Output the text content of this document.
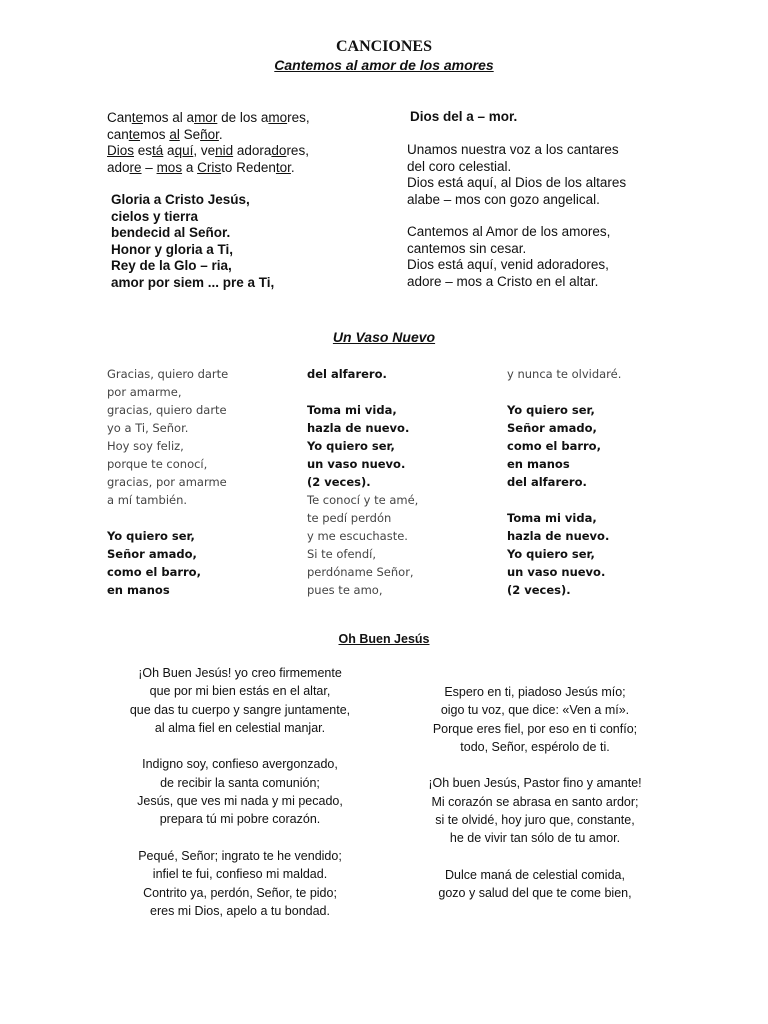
CANCIONES
Cantemos al amor de los amores
Cantemos al amor de los amores,
cantemos al Señor.
Dios está aquí, venid adoradores,
adore – mos a Cristo Redentor.
Gloria a Cristo Jesús,
cielos y tierra
bendecid al Señor.
Honor y gloria a Ti,
Rey de la Glo – ria,
amor por siem ... pre a Ti,
Dios del a – mor.
Unamos nuestra voz a los cantares
del coro celestial.
Dios está aquí, al Dios de los altares
alabe – mos con gozo angelical.
Cantemos al Amor de los amores,
cantemos sin cesar.
Dios está aquí, venid adoradores,
adore – mos a Cristo en el altar.
Un Vaso Nuevo
Gracias, quiero darte
por amarme,
gracias, quiero darte
yo a Ti, Señor.
Hoy soy feliz,
porque te conocí,
gracias, por amarme
a mí también.
Yo quiero ser,
Señor amado,
como el barro,
en manos
del alfarero.
Toma mi vida,
hazla de nuevo.
Yo quiero ser,
un vaso nuevo.
(2 veces).
Te conocí y te amé,
te pedí perdón
y me escuchaste.
Si te ofendí,
perdóname Señor,
pues te amo,
y nunca te olvidaré.
Yo quiero ser,
Señor amado,
como el barro,
en manos
del alfarero.
Toma mi vida,
hazla de nuevo.
Yo quiero ser,
un vaso nuevo.
(2 veces).
Oh Buen Jesús
¡Oh Buen Jesús! yo creo firmemente
que por mi bien estás en el altar,
que das tu cuerpo y sangre juntamente,
al alma fiel en celestial manjar.
Indigno soy, confieso avergonzado,
de recibir la santa comunión;
Jesús, que ves mi nada y mi pecado,
prepara tú mi pobre corazón.
Pequé, Señor; ingrato te he vendido;
infiel te fui, confieso mi maldad.
Contrito ya, perdón, Señor, te pido;
eres mi Dios, apelo a tu bondad.
Espero en ti, piadoso Jesús mío;
oigo tu voz, que dice: «Ven a mí».
Porque eres fiel, por eso en ti confío;
todo, Señor, espérolo de ti.
¡Oh buen Jesús, Pastor fino y amante!
Mi corazón se abrasa en santo ardor;
si te olvidé, hoy juro que, constante,
he de vivir tan sólo de tu amor.
Dulce maná de celestial comida,
gozo y salud del que te come bien,
